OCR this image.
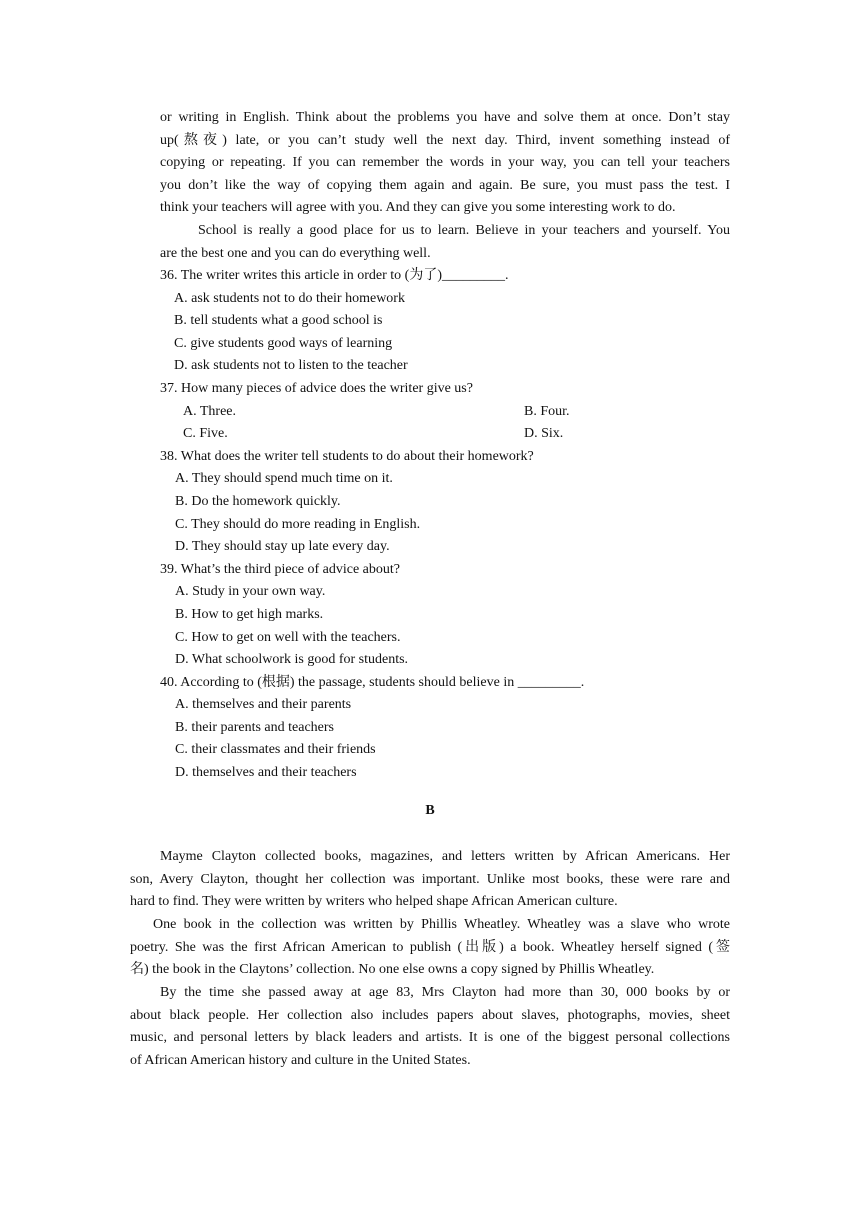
or writing in English. Think about the problems you have and solve them at once. Don’t stay
up(熬夜) late, or you can’t study well the next day. Third, invent something instead of
copying or repeating. If you can remember the words in your way, you can tell your teachers
you don’t like the way of copying them again and again. Be sure, you must pass the test. I
think your teachers will agree with you. And they can give you some interesting work to do.
School is really a good place for us to learn. Believe in your teachers and yourself. You
are the best one and you can do everything well.
36. The writer writes this article in order to (为了)_________.
A. ask students not to do their homework
B. tell students what a good school is
C. give students good ways of learning
D. ask students not to listen to the teacher
37. How many pieces of advice does the writer give us?
A. Three.	B. Four.
C. Five.	D. Six.
38. What does the writer tell students to do about their homework?
A. They should spend much time on it.
B. Do the homework quickly.
C. They should do more reading in English.
D. They should stay up late every day.
39. What’s the third piece of advice about?
A. Study in your own way.
B. How to get high marks.
C. How to get on well with the teachers.
D. What schoolwork is good for students.
40. According to (根据) the passage, students should believe in _________.
A. themselves and their parents
B. their parents and teachers
C. their classmates and their friends
D. themselves and their teachers
B
Mayme Clayton collected books, magazines, and letters written by African Americans. Her
son, Avery Clayton, thought her collection was important. Unlike most books, these were rare and
hard to find. They were written by writers who helped shape African American culture.
One book in the collection was written by Phillis Wheatley. Wheatley was a slave who wrote
poetry. She was the first African American to publish (出版) a book. Wheatley herself signed (签
名) the book in the Claytons’ collection. No one else owns a copy signed by Phillis Wheatley.
By the time she passed away at age 83, Mrs Clayton had more than 30, 000 books by or
about black people. Her collection also includes papers about slaves, photographs, movies, sheet
music, and personal letters by black leaders and artists. It is one of the biggest personal collections
of African American history and culture in the United States.
